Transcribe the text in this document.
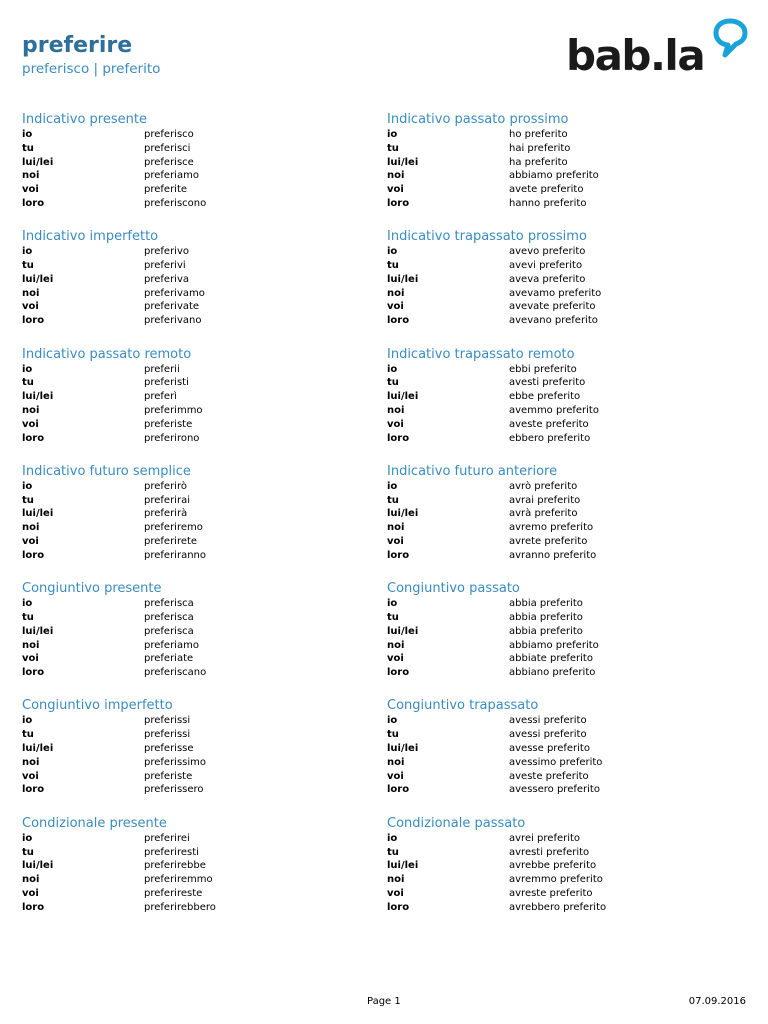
preferire
preferisco | preferito	bab.la
Indicativo presente
io	preferisco
tu	preferisci
lui/lei	preferisce
noi	preferiamo
voi	preferite
loro	preferiscono
Indicativo imperfetto
io	preferivo
tu	preferivi
lui/lei	preferiva
noi	preferivamo
voi	preferivate
loro	preferivano
Indicativo passato remoto
io	preferii
tu	preferisti
lui/lei	preferì
noi	preferimmo
voi	preferiste
loro	preferirono
Indicativo futuro semplice
io	preferirò
tu	preferirai
lui/lei	preferirà
noi	preferiremo
voi	preferirete
loro	preferiranno
Congiuntivo presente
io	preferisca
tu	preferisca
lui/lei	preferisca
noi	preferiamo
voi	preferiate
loro	preferiscano
Congiuntivo imperfetto
io	preferissi
tu	preferissi
lui/lei	preferisse
noi	preferissimo
voi	preferiste
loro	preferissero
Condizionale presente
io	preferirei
tu	preferiresti
lui/lei	preferirebbe
noi	preferiremmo
voi	preferireste
loro	preferirebbero
Indicativo passato prossimo
io	ho preferito
tu	hai preferito
lui/lei	ha preferito
noi	abbiamo preferito
voi	avete preferito
loro	hanno preferito
Indicativo trapassato prossimo
io	avevo preferito
tu	avevi preferito
lui/lei	aveva preferito
noi	avevamo preferito
voi	avevate preferito
loro	avevano preferito
Indicativo trapassato remoto
io	ebbi preferito
tu	avesti preferito
lui/lei	ebbe preferito
noi	avemmo preferito
voi	aveste preferito
loro	ebbero preferito
Indicativo futuro anteriore
io	avrò preferito
tu	avrai preferito
lui/lei	avrà preferito
noi	avremo preferito
voi	avrete preferito
loro	avranno preferito
Congiuntivo passato
io	abbia preferito
tu	abbia preferito
lui/lei	abbia preferito
noi	abbiamo preferito
voi	abbiate preferito
loro	abbiano preferito
Congiuntivo trapassato
io	avessi preferito
tu	avessi preferito
lui/lei	avesse preferito
noi	avessimo preferito
voi	aveste preferito
loro	avessero preferito
Condizionale passato
io	avrei preferito
tu	avresti preferito
lui/lei	avrebbe preferito
noi	avremmo preferito
voi	avreste preferito
loro	avrebbero preferito
Page 1	07.09.2016
